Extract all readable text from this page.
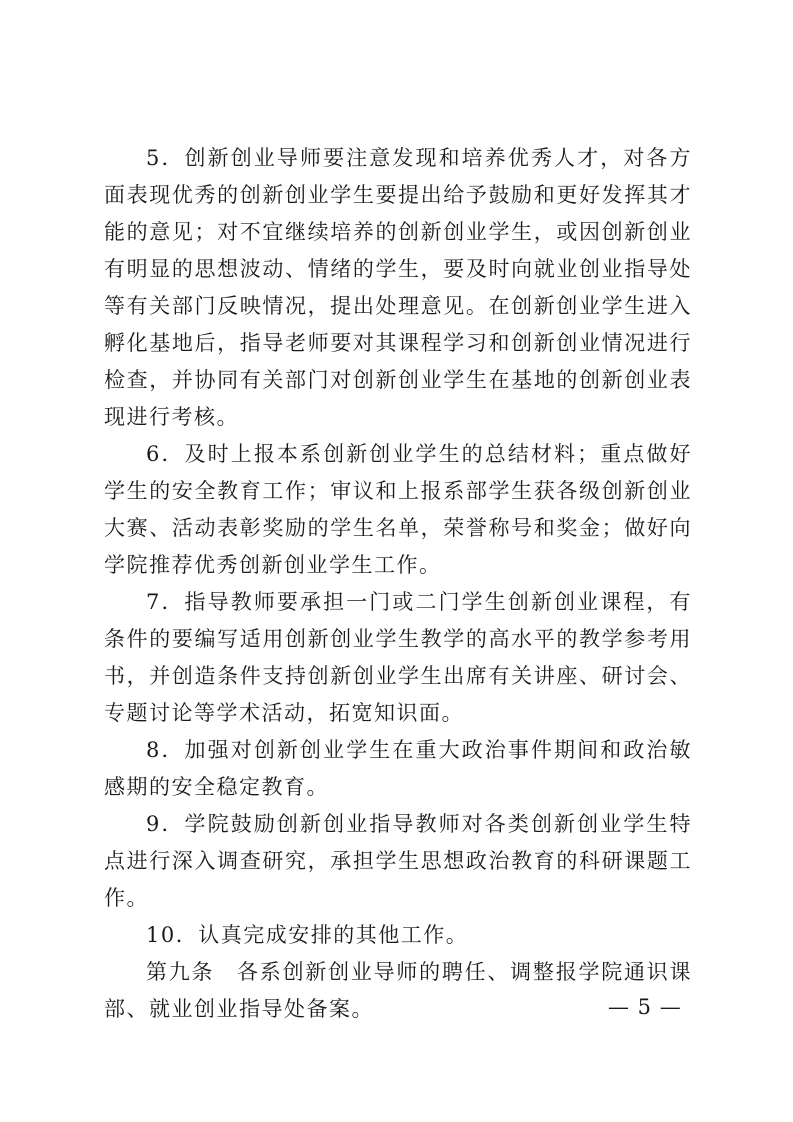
5．创新创业导师要注意发现和培养优秀人才，对各方面表现优秀的创新创业学生要提出给予鼓励和更好发挥其才能的意见；对不宜继续培养的创新创业学生，或因创新创业有明显的思想波动、情绪的学生，要及时向就业创业指导处等有关部门反映情况，提出处理意见。在创新创业学生进入孵化基地后，指导老师要对其课程学习和创新创业情况进行检查，并协同有关部门对创新创业学生在基地的创新创业表现进行考核。

6．及时上报本系创新创业学生的总结材料；重点做好学生的安全教育工作；审议和上报系部学生获各级创新创业大赛、活动表彰奖励的学生名单，荣誉称号和奖金；做好向学院推荐优秀创新创业学生工作。

7．指导教师要承担一门或二门学生创新创业课程，有条件的要编写适用创新创业学生教学的高水平的教学参考用书，并创造条件支持创新创业学生出席有关讲座、研讨会、专题讨论等学术活动，拓宽知识面。

8．加强对创新创业学生在重大政治事件期间和政治敏感期的安全稳定教育。

9．学院鼓励创新创业指导教师对各类创新创业学生特点进行深入调查研究，承担学生思想政治教育的科研课题工作。

10．认真完成安排的其他工作。

第九条　各系创新创业导师的聘任、调整报学院通识课部、就业创业指导处备案。	— 5 —
